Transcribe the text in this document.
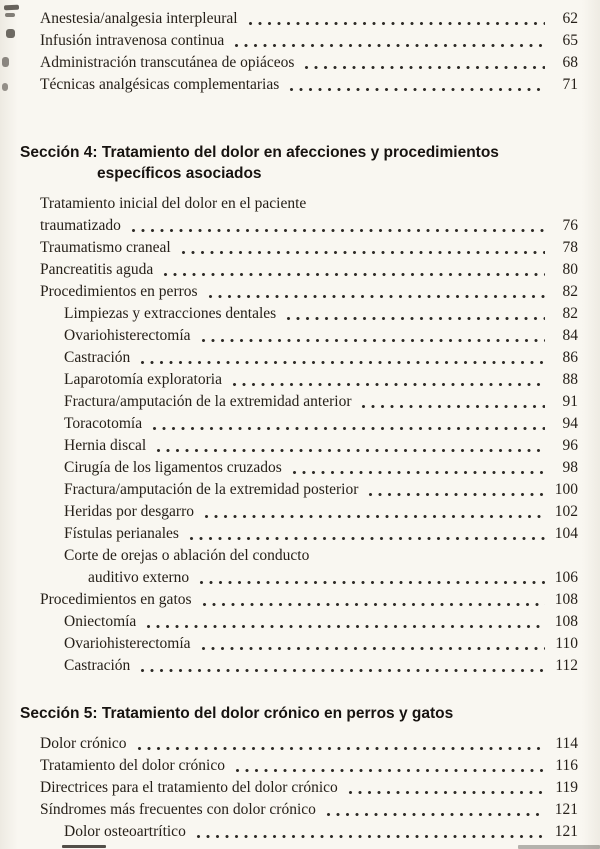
Anestesia/analgesia interpleural	62
Infusión intravenosa continua	65
Administración transcutánea de opiáceos	68
Técnicas analgésicas complementarias	71
Sección 4: Tratamiento del dolor en afecciones y procedimientos
específicos asociados
Tratamiento inicial del dolor en el paciente
traumatizado	76
Traumatismo craneal	78
Pancreatitis aguda	80
Procedimientos en perros	82
Limpiezas y extracciones dentales	82
Ovariohisterectomía	84
Castración	86
Laparotomía exploratoria	88
Fractura/amputación de la extremidad anterior	91
Toracotomía	94
Hernia discal	96
Cirugía de los ligamentos cruzados	98
Fractura/amputación de la extremidad posterior	100
Heridas por desgarro	102
Fístulas perianales	104
Corte de orejas o ablación del conducto
auditivo externo	106
Procedimientos en gatos	108
Oniectomía	108
Ovariohisterectomía	110
Castración	112
Sección 5: Tratamiento del dolor crónico en perros y gatos
Dolor crónico	114
Tratamiento del dolor crónico	116
Directrices para el tratamiento del dolor crónico	119
Síndromes más frecuentes con dolor crónico	121
Dolor osteoartrítico	121
